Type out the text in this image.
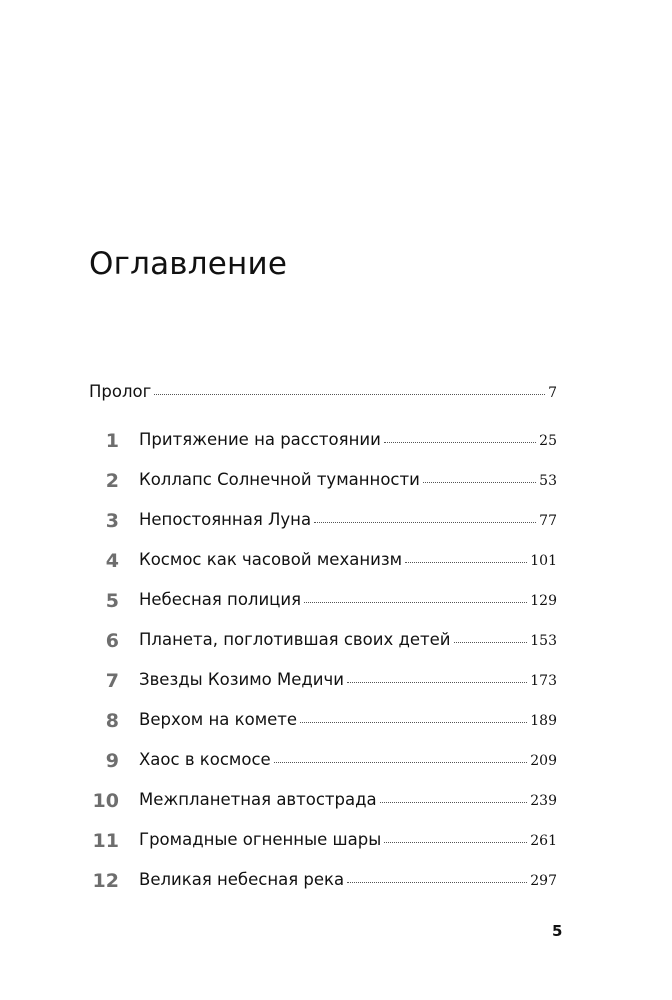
Оглавление
Пролог	7
1 Притяжение на расстоянии	25
2 Коллапс Солнечной туманности	53
3 Непостоянная Луна	77
4 Космос как часовой механизм	101
5 Небесная полиция	129
6 Планета, поглотившая своих детей	153
7 Звезды Козимо Медичи	173
8 Верхом на комете	189
9 Хаос в космосе	209
10 Межпланетная автострада	239
11 Громадные огненные шары	261
12 Великая небесная река	297

5
